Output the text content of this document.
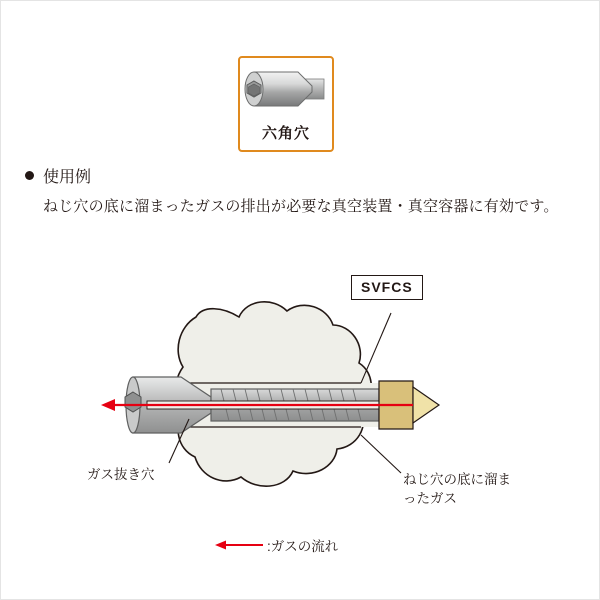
六角穴
使用例
ねじ穴の底に溜まったガスの排出が必要な真空装置・真空容器に有効です。
SVFCS
ガス抜き穴	ねじ穴の底に溜まったガス
:ガスの流れ
